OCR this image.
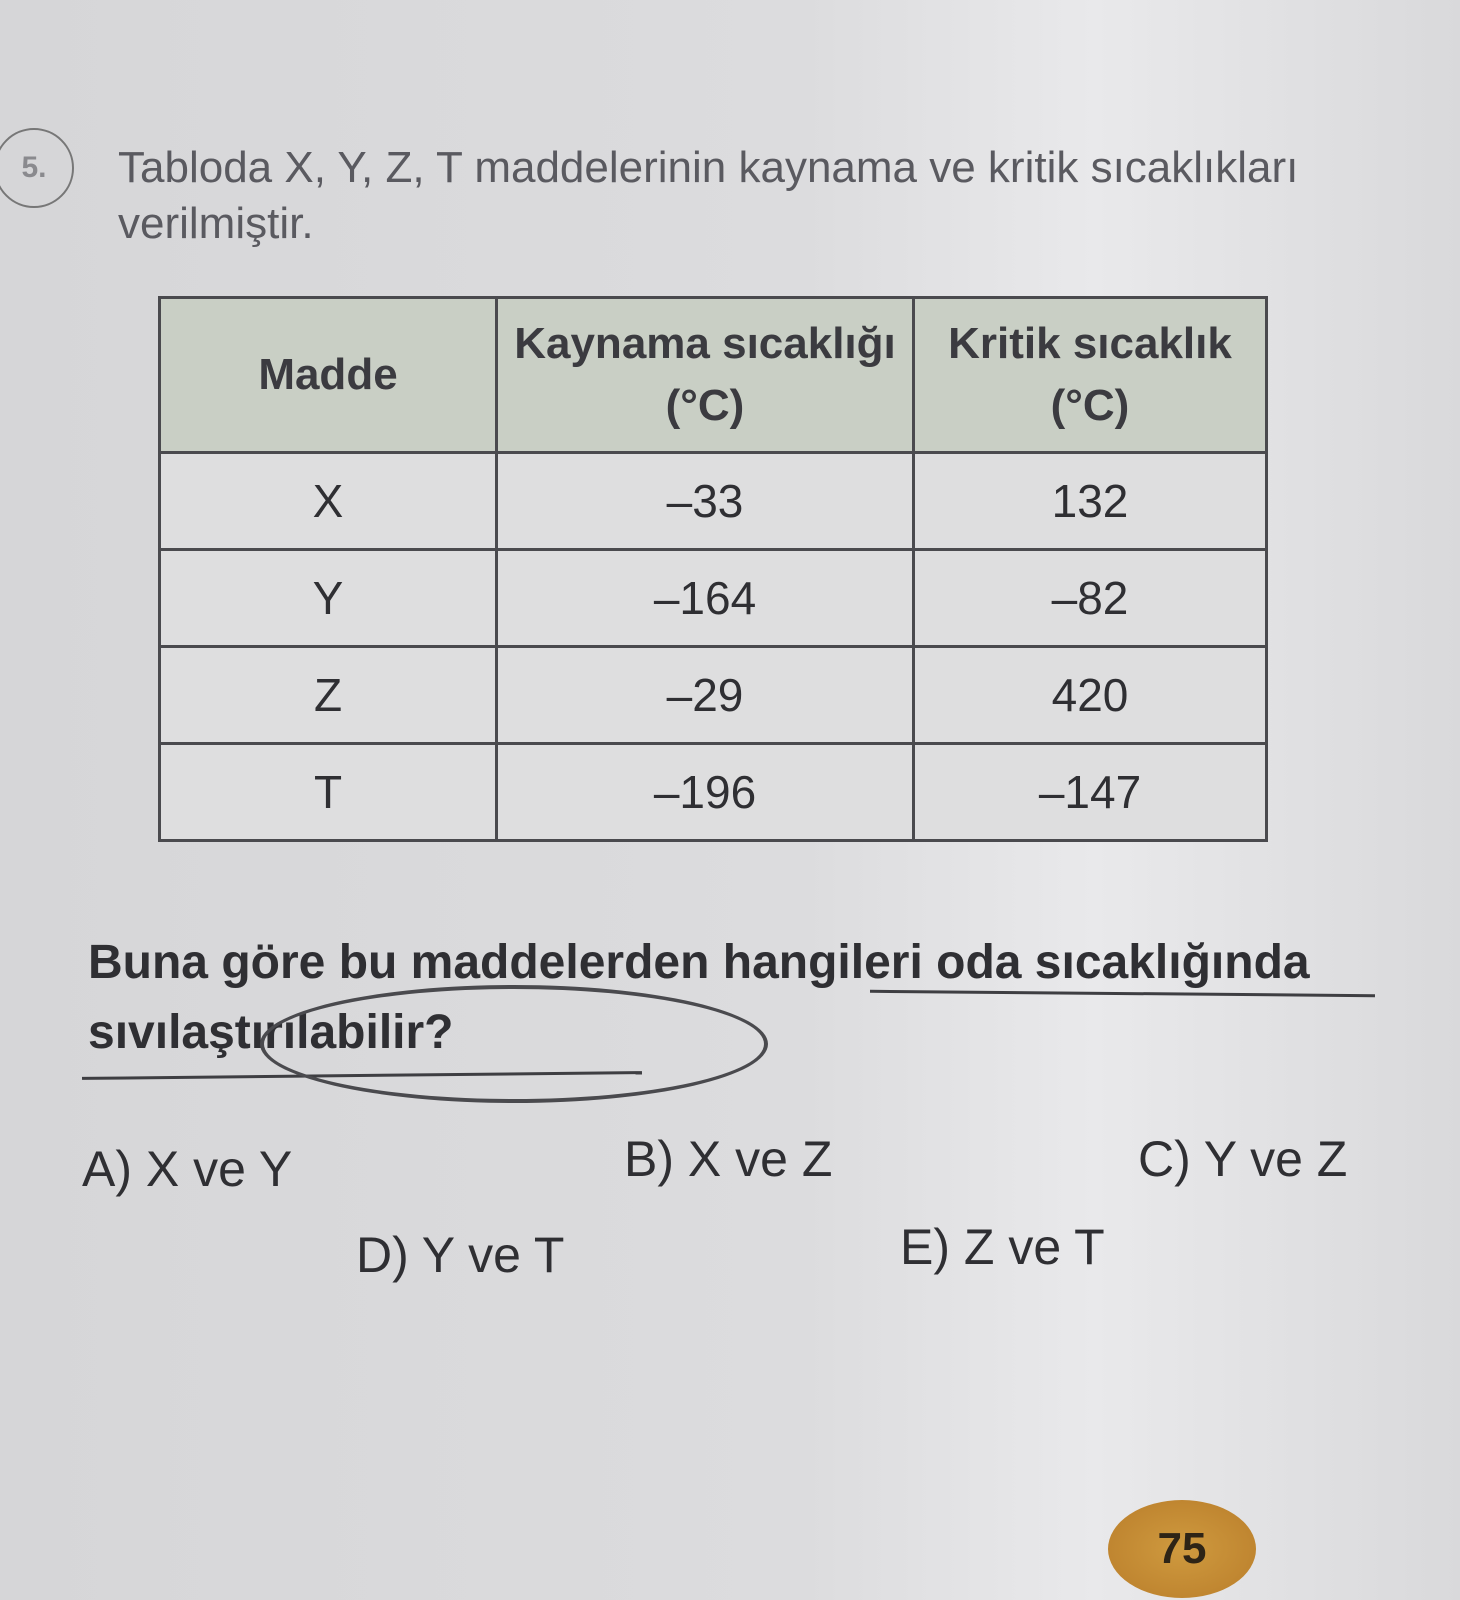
5.	Tabloda X, Y, Z, T maddelerinin kaynama ve kritik sıcaklıkları verilmiştir.
Madde	Kaynama sıcaklığı (°C)	Kritik sıcaklık (°C)
X	–33	132
Y	–164	–82
Z	–29	420
T	–196	–147
Buna göre bu maddelerden hangileri oda sıcaklığında sıvılaştırılabilir?
A) X ve Y	B) X ve Z	C) Y ve Z
D) Y ve T	E) Z ve T
75
